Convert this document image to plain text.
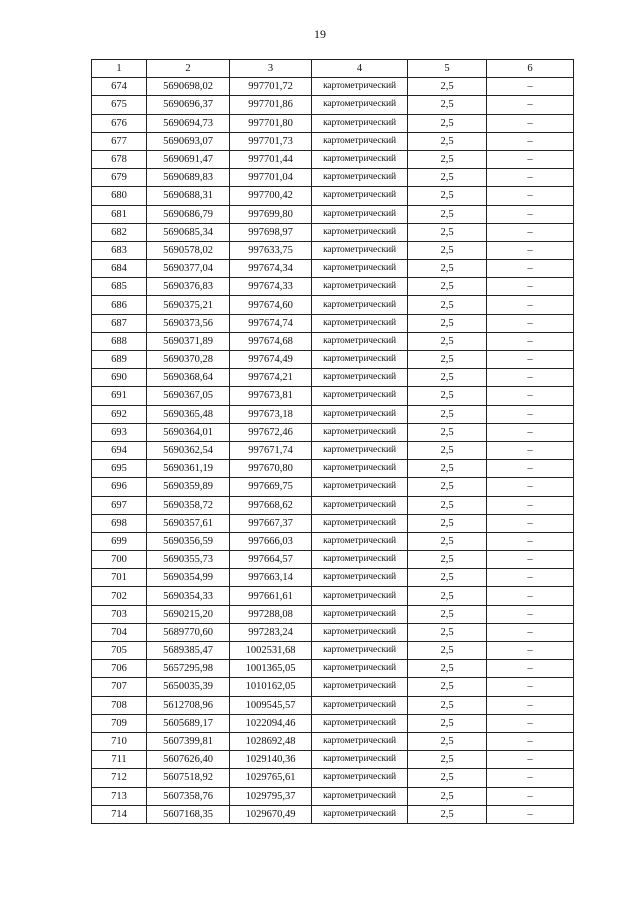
19
1	2	3	4	5	6
674	5690698,02	997701,72	картометрический	2,5	–
675	5690696,37	997701,86	картометрический	2,5	–
676	5690694,73	997701,80	картометрический	2,5	–
677	5690693,07	997701,73	картометрический	2,5	–
678	5690691,47	997701,44	картометрический	2,5	–
679	5690689,83	997701,04	картометрический	2,5	–
680	5690688,31	997700,42	картометрический	2,5	–
681	5690686,79	997699,80	картометрический	2,5	–
682	5690685,34	997698,97	картометрический	2,5	–
683	5690578,02	997633,75	картометрический	2,5	–
684	5690377,04	997674,34	картометрический	2,5	–
685	5690376,83	997674,33	картометрический	2,5	–
686	5690375,21	997674,60	картометрический	2,5	–
687	5690373,56	997674,74	картометрический	2,5	–
688	5690371,89	997674,68	картометрический	2,5	–
689	5690370,28	997674,49	картометрический	2,5	–
690	5690368,64	997674,21	картометрический	2,5	–
691	5690367,05	997673,81	картометрический	2,5	–
692	5690365,48	997673,18	картометрический	2,5	–
693	5690364,01	997672,46	картометрический	2,5	–
694	5690362,54	997671,74	картометрический	2,5	–
695	5690361,19	997670,80	картометрический	2,5	–
696	5690359,89	997669,75	картометрический	2,5	–
697	5690358,72	997668,62	картометрический	2,5	–
698	5690357,61	997667,37	картометрический	2,5	–
699	5690356,59	997666,03	картометрический	2,5	–
700	5690355,73	997664,57	картометрический	2,5	–
701	5690354,99	997663,14	картометрический	2,5	–
702	5690354,33	997661,61	картометрический	2,5	–
703	5690215,20	997288,08	картометрический	2,5	–
704	5689770,60	997283,24	картометрический	2,5	–
705	5689385,47	1002531,68	картометрический	2,5	–
706	5657295,98	1001365,05	картометрический	2,5	–
707	5650035,39	1010162,05	картометрический	2,5	–
708	5612708,96	1009545,57	картометрический	2,5	–
709	5605689,17	1022094,46	картометрический	2,5	–
710	5607399,81	1028692,48	картометрический	2,5	–
711	5607626,40	1029140,36	картометрический	2,5	–
712	5607518,92	1029765,61	картометрический	2,5	–
713	5607358,76	1029795,37	картометрический	2,5	–
714	5607168,35	1029670,49	картометрический	2,5	–
